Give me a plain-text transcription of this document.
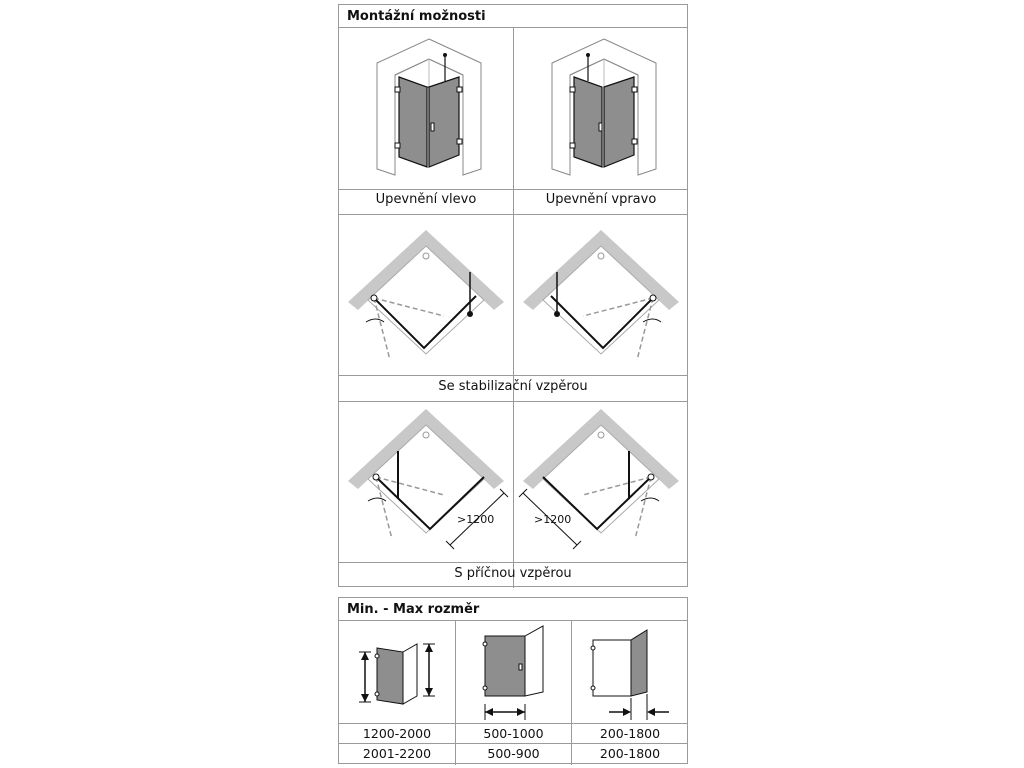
Montážní možnosti
Upevnění vlevo	Upevnění vpravo
Se stabilizační vzpěrou
>1200	>1200
S příčnou vzpěrou
Min. - Max rozměr
1200-2000
2001-2200
500-1000
500-900
200-1800
200-1800
